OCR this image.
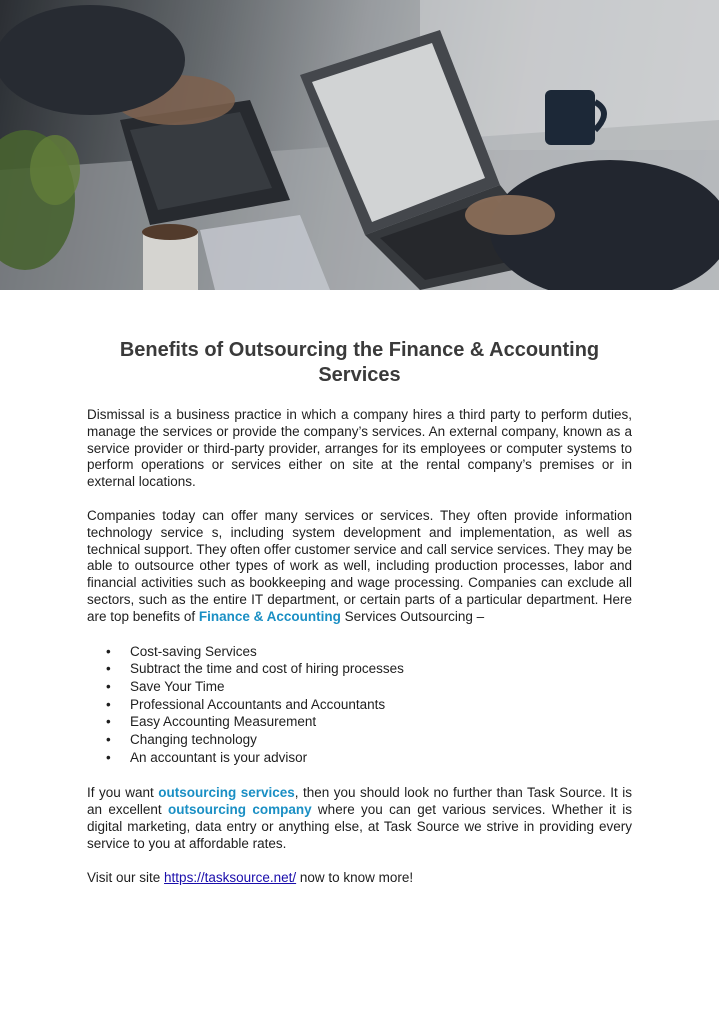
Benefits of Outsourcing the Finance & Accounting Services

Dismissal is a business practice in which a company hires a third party to perform duties, manage the services or provide the company’s services. An external company, known as a service provider or third-party provider, arranges for its employees or computer systems to perform operations or services either on site at the rental company’s premises or in external locations.

Companies today can offer many services or services. They often provide information technology service s, including system development and implementation, as well as technical support. They often offer customer service and call service services. They may be able to outsource other types of work as well, including production processes, labor and financial activities such as bookkeeping and wage processing. Companies can exclude all sectors, such as the entire IT department, or certain parts of a particular department. Here are top benefits of Finance & Accounting Services Outsourcing –

• Cost-saving Services
• Subtract the time and cost of hiring processes
• Save Your Time
• Professional Accountants and Accountants
• Easy Accounting Measurement
• Changing technology
• An accountant is your advisor

If you want outsourcing services, then you should look no further than Task Source. It is an excellent outsourcing company where you can get various services. Whether it is digital marketing, data entry or anything else, at Task Source we strive in providing every service to you at affordable rates.

Visit our site https://tasksource.net/ now to know more!
